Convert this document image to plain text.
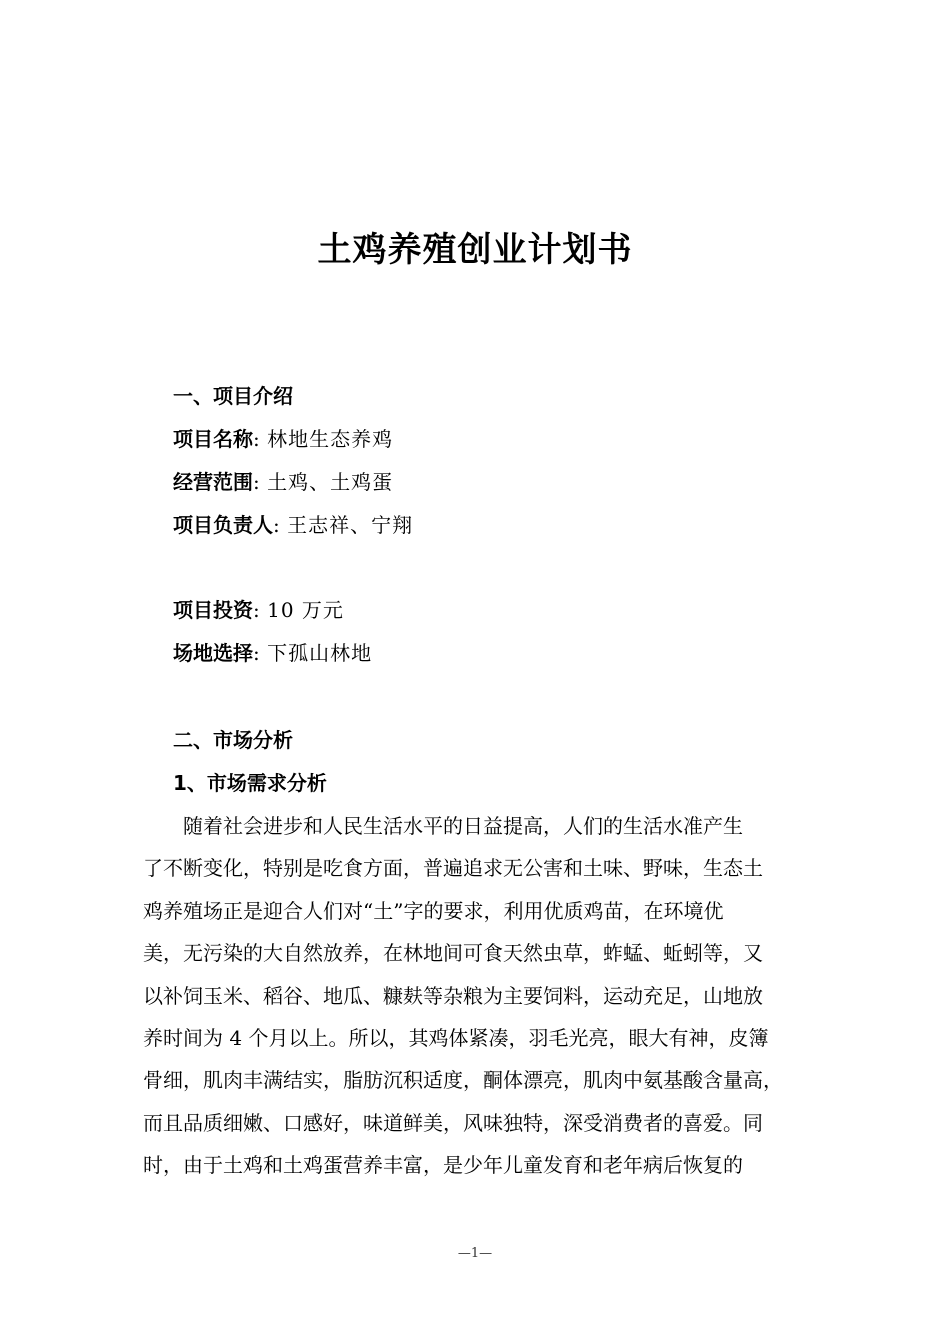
土鸡养殖创业计划书
一、项目介绍
项目名称: 林地生态养鸡
经营范围: 土鸡、土鸡蛋
项目负责人: 王志祥、宁翔
项目投资: 10 万元
场地选择: 下孤山林地
二、市场分析
1、市场需求分析
随着社会进步和人民生活水平的日益提高，人们的生活水准产生
了不断变化，特别是吃食方面，普遍追求无公害和土味、野味，生态土
鸡养殖场正是迎合人们对“土”字的要求，利用优质鸡苗，在环境优
美，无污染的大自然放养，在林地间可食天然虫草，蚱蜢、蚯蚓等，又
以补饲玉米、稻谷、地瓜、糠麸等杂粮为主要饲料，运动充足，山地放
养时间为 4 个月以上。所以，其鸡体紧凑，羽毛光亮，眼大有神，皮簿
骨细，肌肉丰满结实，脂肪沉积适度，酮体漂亮，肌肉中氨基酸含量高，
而且品质细嫩、口感好，味道鲜美，风味独特，深受消费者的喜爱。同
时，由于土鸡和土鸡蛋营养丰富，是少年儿童发育和老年病后恢复的
—1—
